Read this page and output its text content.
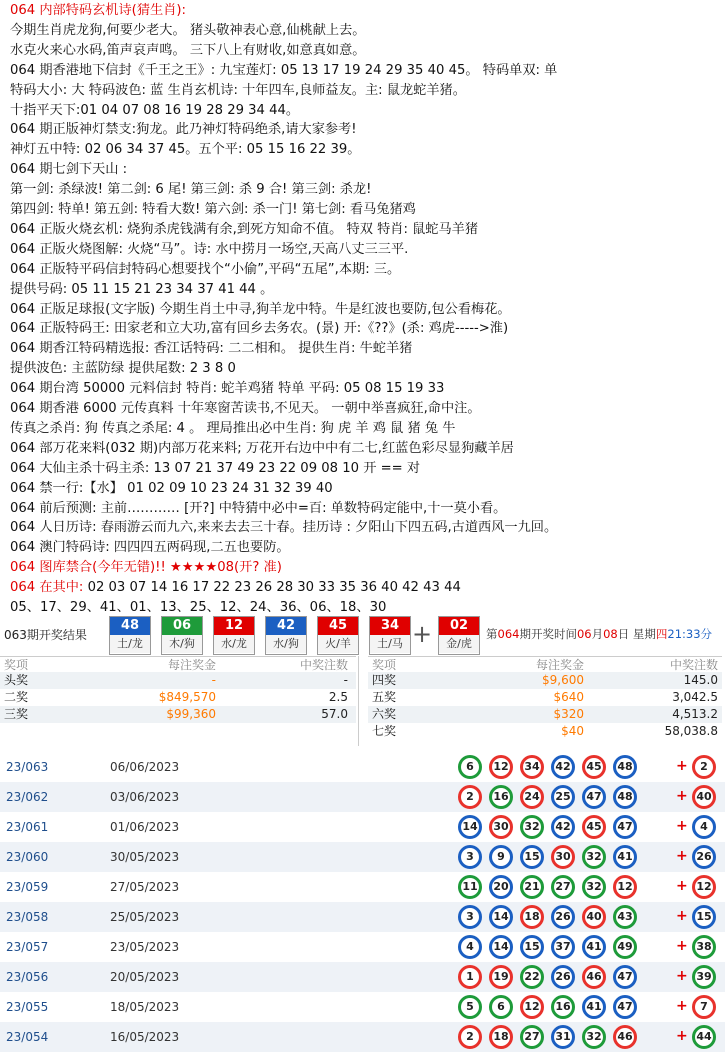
064 内部特码玄机诗(猜生肖):
今期生肖虎龙狗,何要少老大。 猪头敬神表心意,仙桃献上去。
水克火来心水码,笛声哀声鸣。 三下八上有财收,如意真如意。
064 期香港地下信封《千王之王》: 九宝莲灯: 05 13 17 19 24 29 35 40 45。 特码单双: 单
特码大小: 大 特码波色: 蓝 生肖玄机诗: 十年四车,良师益友。主: 鼠龙蛇羊猪。
十指平天下:01 04 07 08 16 19 28 29 34 44。
064 期正版神灯禁支:狗龙。此乃神灯特码绝杀,请大家参考!
神灯五中特: 02 06 34 37 45。五个平: 05 15 16 22 39。
064 期七剑下天山 :
第一剑: 杀绿波! 第二剑: 6 尾! 第三剑: 杀 9 合! 第三剑: 杀龙!
第四剑: 特单! 第五剑: 特看大数! 第六剑: 杀一门! 第七剑: 看马兔猪鸡
064 正版火烧玄机: 烧狗杀虎钱满有余,到死方知命不值。 特双 特肖: 鼠蛇马羊猪
064 正版火烧图解: 火烧“马”。诗: 水中捞月一场空,天高八丈三三平.
064 正版特平码信封特码心想要找个“小偷”,平码“五尾”,本期: 三。
提供号码: 05 11 15 21 23 34 37 41 44 。
064 正版足球报(文字版) 今期生肖土中寻,狗羊龙中特。牛是红波也要防,包公看梅花。
064 正版特码王: 田家老和立大功,富有回乡去务农。(景) 开:《??》(杀: 鸡虎----->淮)
064 期香江特码精选报: 香江话特码: 二二相和。 提供生肖: 牛蛇羊猪
提供波色: 主蓝防绿 提供尾数: 2 3 8 0
064 期台湾 50000 元料信封 特肖: 蛇羊鸡猪 特单 平码: 05 08 15 19 33
064 期香港 6000 元传真料 十年寒窗苦读书,不见天。 一朝中举喜疯狂,命中注。
传真之杀肖: 狗 传真之杀尾: 4 。 理局推出必中生肖: 狗 虎 羊 鸡 鼠 猪 兔 牛
064 部万花来料(032 期)内部万花来料; 万花开右边中中有二七,红蓝色彩尽显狗藏羊居
064 大仙主杀十码主杀: 13 07 21 37 49 23 22 09 08 10 开 == 对
064 禁一行:【水】 01 02 09 10 23 24 31 32 39 40
064 前后预测: 主前………… [开?] 中特猜中必中=百: 单数特码定能中,十一莫小看。
064 人日历诗: 春雨游云而九六,来来去去三十春。挂历诗 : 夕阳山下四五码,古道西风一九回。
064 澳门特码诗: 四四四五两码现,二五也要防。
064 图库禁合(今年无错)!! ★★★★08(开? 准)
064 在其中: 02 03 07 14 16 17 22 23 26 28 30 33 35 36 40 42 43 44
05、17、29、41、01、13、25、12、24、36、06、18、30
063期开奖结果
48
土/龙
06
木/狗
12
水/龙
42
水/狗
45
火/羊
34
土/马
02
金/虎
+	第064期开奖时间06月08日 星期四21:33分
奖项	每注奖金	中奖注数
头奖	-	-
二奖	$849,570	2.5
三奖	$99,360	57.0
奖项	每注奖金	中奖注数
四奖	$9,600	145.0
五奖	$640	3,042.5
六奖	$320	4,513.2
七奖	$40	58,038.8
23/063	06/06/2023	6	12	34	42	45	48	+	2
23/062	03/06/2023	2	16	24	25	47	48	+ 40
23/061	01/06/2023	14	30	32	42	45	47	+	4
23/060	30/05/2023	3	9	15	30	32	41	+ 26
23/059	27/05/2023	11	20	21	27	32	12	+ 12
23/058	25/05/2023	3	14	18	26	40	43	+ 15
23/057	23/05/2023	4	14	15	37	41	49	+ 38
23/056	20/05/2023	1	19	22	26	46	47	+ 39
23/055	18/05/2023	5	6	12	16	41	47	+	7
23/054	16/05/2023	2	18	27	31	32	46	+ 44
